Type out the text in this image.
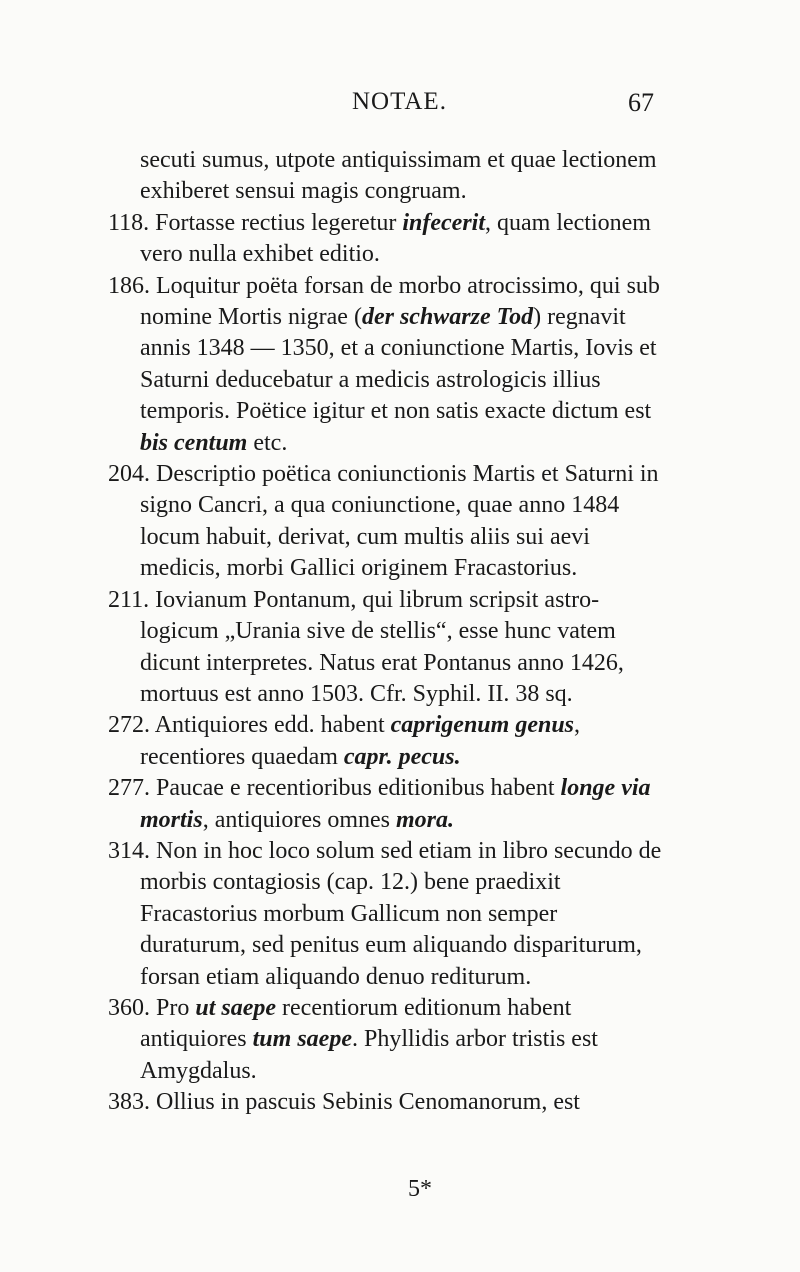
NOTAE.	67

secuti sumus, utpote antiquissimam et quae lectionem exhiberet sensui magis congruam.

118. Fortasse rectius legeretur infecerit, quam lectionem vero nulla exhibet editio.

186. Loquitur poëta forsan de morbo atrocissimo, qui sub nomine Mortis nigrae (der schwarze Tod) regnavit annis 1348 — 1350, et a coniunctione Martis, Iovis et Saturni deducebatur a medicis astrologicis illius temporis. Poëtice igitur et non satis exacte dictum est bis centum etc.

204. Descriptio poëtica coniunctionis Martis et Saturni in signo Cancri, a qua coniunctione, quae anno 1484 locum habuit, derivat, cum multis aliis sui aevi medicis, morbi Gallici originem Fracastorius.

211. Iovianum Pontanum, qui librum scripsit astrologicum „Urania sive de stellis“, esse hunc vatem dicunt interpretes. Natus erat Pontanus anno 1426, mortuus est anno 1503. Cfr. Syphil. II. 38 sq.

272. Antiquiores edd. habent caprigenum genus, recentiores quaedam capr. pecus.

277. Paucae e recentioribus editionibus habent longe via mortis, antiquiores omnes mora.

314. Non in hoc loco solum sed etiam in libro secundo de morbis contagiosis (cap. 12.) bene praedixit Fracastorius morbum Gallicum non semper duraturum, sed penitus eum aliquando dispariturum, forsan etiam aliquando denuo rediturum.

360. Pro ut saepe recentiorum editionum habent antiquiores tum saepe. Phyllidis arbor tristis est Amygdalus.

383. Ollius in pascuis Sebinis Cenomanorum, est

5*
